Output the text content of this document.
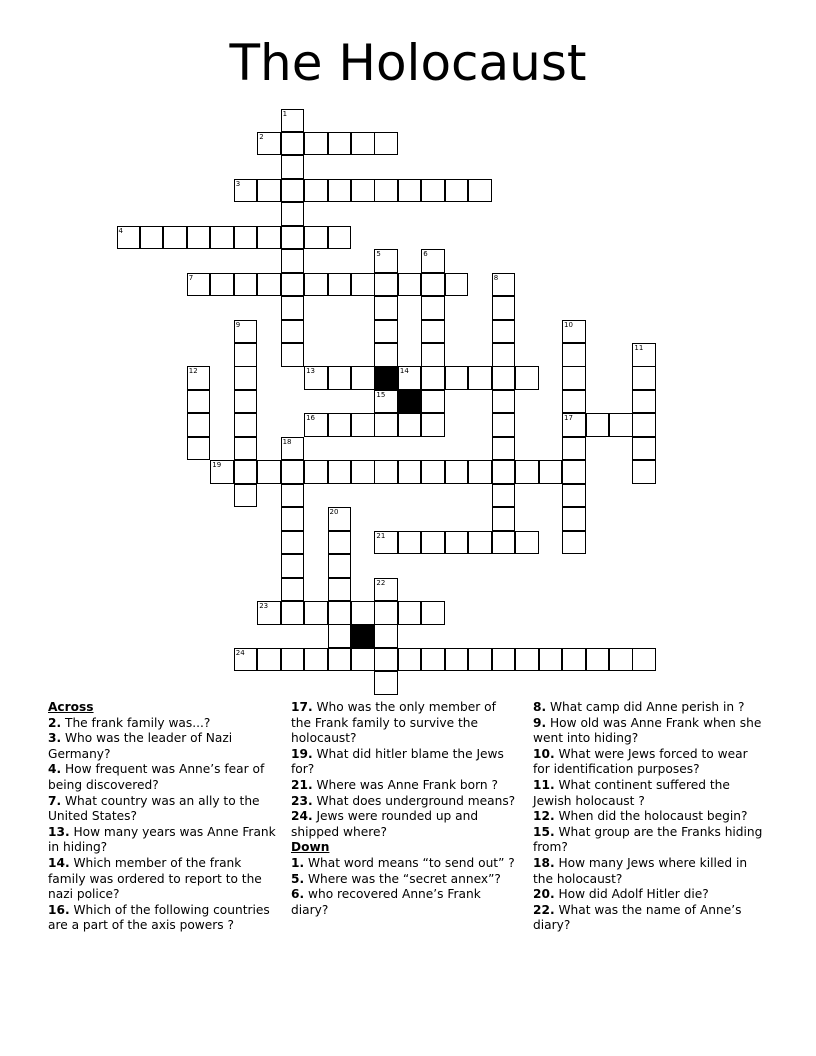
The Holocaust
2
3
4
7
13	14
16	17
19
21
23
24
1
5
15
6
8
9	10
11
12
18
20
22
Across
2. The frank family was...?
3. Who was the leader of Nazi Germany?
4. How frequent was Anne’s fear of being discovered?
7. What country was an ally to the United States?
13. How many years was Anne Frank in hiding?
14. Which member of the frank family was ordered to report to the nazi police?
16. Which of the following countries are a part of the axis powers ?
17. Who was the only member of the Frank family to survive the holocaust?
19. What did hitler blame the Jews for?
21. Where was Anne Frank born ?
23. What does underground means?
24. Jews were rounded up and shipped where?
Down
1. What word means “to send out” ?
5. Where was the “secret annex”?
6. who recovered Anne’s Frank diary?
8. What camp did Anne perish in ?
9. How old was Anne Frank when she went into hiding?
10. What were Jews forced to wear for identification purposes?
11. What continent suffered the Jewish holocaust ?
12. When did the holocaust begin?
15. What group are the Franks hiding from?
18. How many Jews where killed in the holocaust?
20. How did Adolf Hitler die?
22. What was the name of Anne’s diary?
